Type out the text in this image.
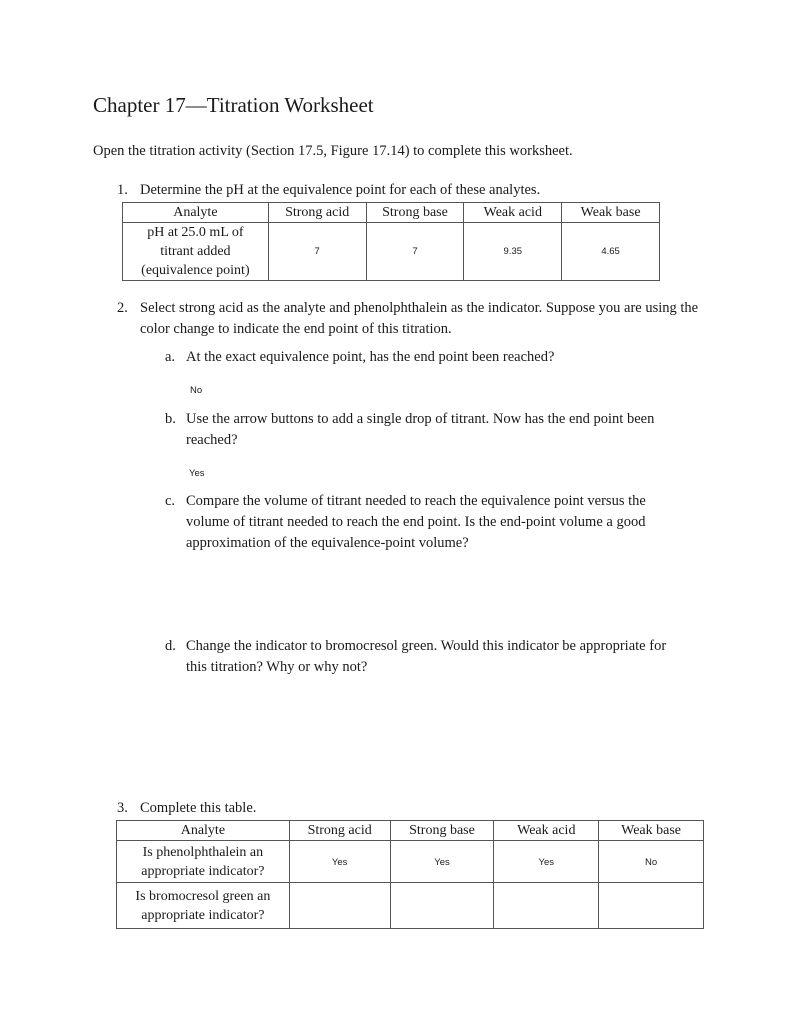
Chapter 17—Titration Worksheet
Open the titration activity (Section 17.5, Figure 17.14) to complete this worksheet.
1. Determine the pH at the equivalence point for each of these analytes.
Analyte	Strong acid	Strong base	Weak acid	Weak base

pH at 25.0 mL of
titrant added
(equivalence point)	7	7	9.35	4.65
2. Select strong acid as the analyte and phenolphthalein as the indicator. Suppose you are using the color change to indicate the end point of this titration.
a. At the exact equivalence point, has the end point been reached?
No
b. Use the arrow buttons to add a single drop of titrant. Now has the end point been reached?
Yes
c. Compare the volume of titrant needed to reach the equivalence point versus the volume of titrant needed to reach the end point. Is the end-point volume a good approximation of the equivalence-point volume?
d. Change the indicator to bromocresol green. Would this indicator be appropriate for this titration? Why or why not?
3. Complete this table.
Analyte	Strong acid	Strong base	Weak acid	Weak base

Is phenolphthalein an
appropriate indicator?	Yes	Yes	Yes	No

Is bromocresol green an
appropriate indicator?				
